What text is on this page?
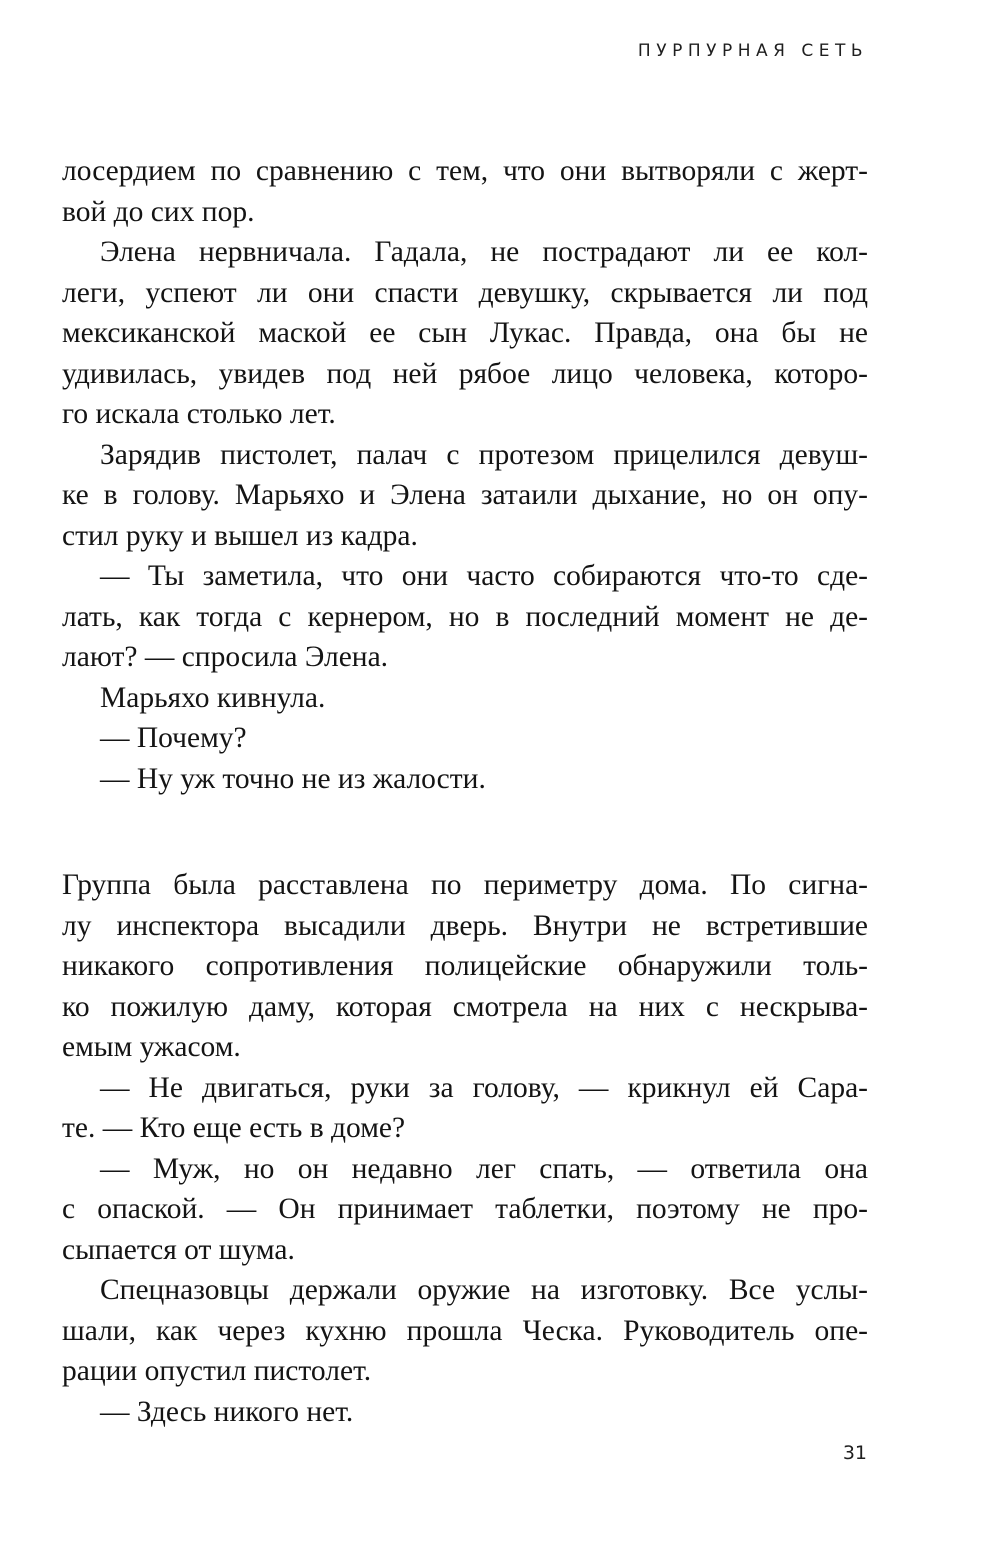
ПУРПУРНАЯ СЕТЬ
лосердием по сравнению с тем, что они вытворяли с жерт-
вой до сих пор.
Элена нервничала. Гадала, не пострадают ли ее кол-
леги, успеют ли они спасти девушку, скрывается ли под
мексиканской маской ее сын Лукас. Правда, она бы не
удивилась, увидев под ней рябое лицо человека, которо-
го искала столько лет.
Зарядив пистолет, палач с протезом прицелился девуш-
ке в голову. Марьяхо и Элена затаили дыхание, но он опу-
стил руку и вышел из кадра.
— Ты заметила, что они часто собираются что-то сде-
лать, как тогда с кернером, но в последний момент не де-
лают? — спросила Элена.
Марьяхо кивнула.
— Почему?
— Ну уж точно не из жалости.
Группа была расставлена по периметру дома. По сигна-
лу инспектора высадили дверь. Внутри не встретившие
никакого сопротивления полицейские обнаружили толь-
ко пожилую даму, которая смотрела на них с нескрыва-
емым ужасом.
— Не двигаться, руки за голову, — крикнул ей Сара-
те. — Кто еще есть в доме?
— Муж, но он недавно лег спать, — ответила она
с опаской. — Он принимает таблетки, поэтому не про-
сыпается от шума.
Спецназовцы держали оружие на изготовку. Все услы-
шали, как через кухню прошла Ческа. Руководитель опе-
рации опустил пистолет.
— Здесь никого нет.
31
